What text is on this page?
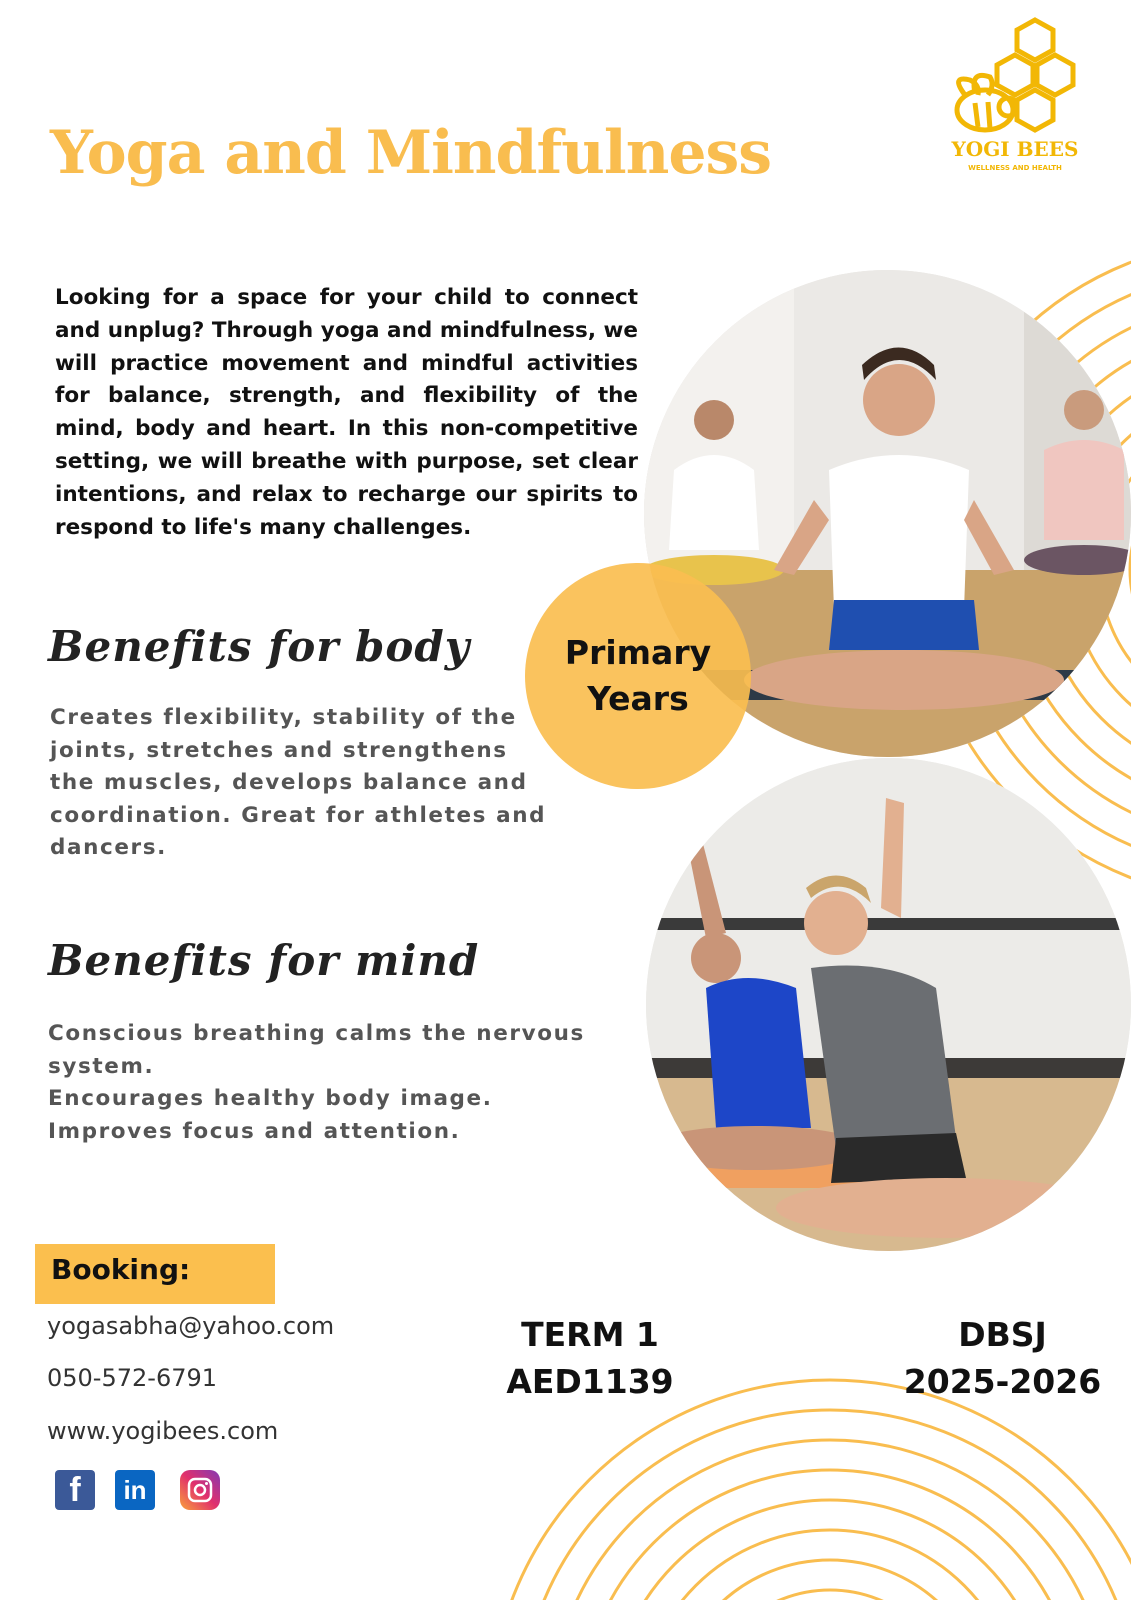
Yoga and Mindfulness	YOGI BEES
WELLNESS AND HEALTH

Looking for a space for your child to connect and unplug? Through yoga and mindfulness, we will practice movement and mindful activities for balance, strength, and flexibility of the mind, body and heart. In this non-competitive setting, we will breathe with purpose, set clear intentions, and relax to recharge our spirits to respond to life's many challenges.

Primary
Years
Benefits for body

Creates flexibility, stability of the joints, stretches and strengthens the muscles, develops balance and coordination. Great for athletes and dancers.

Benefits for mind

Conscious breathing calms the nervous system.

Encourages healthy body image.

Improves focus and attention.

Booking:
yogasabha@yahoo.com
050-572-6791
www.yogibees.com
f	in
TERM 1
AED1139
DBSJ
2025-2026
